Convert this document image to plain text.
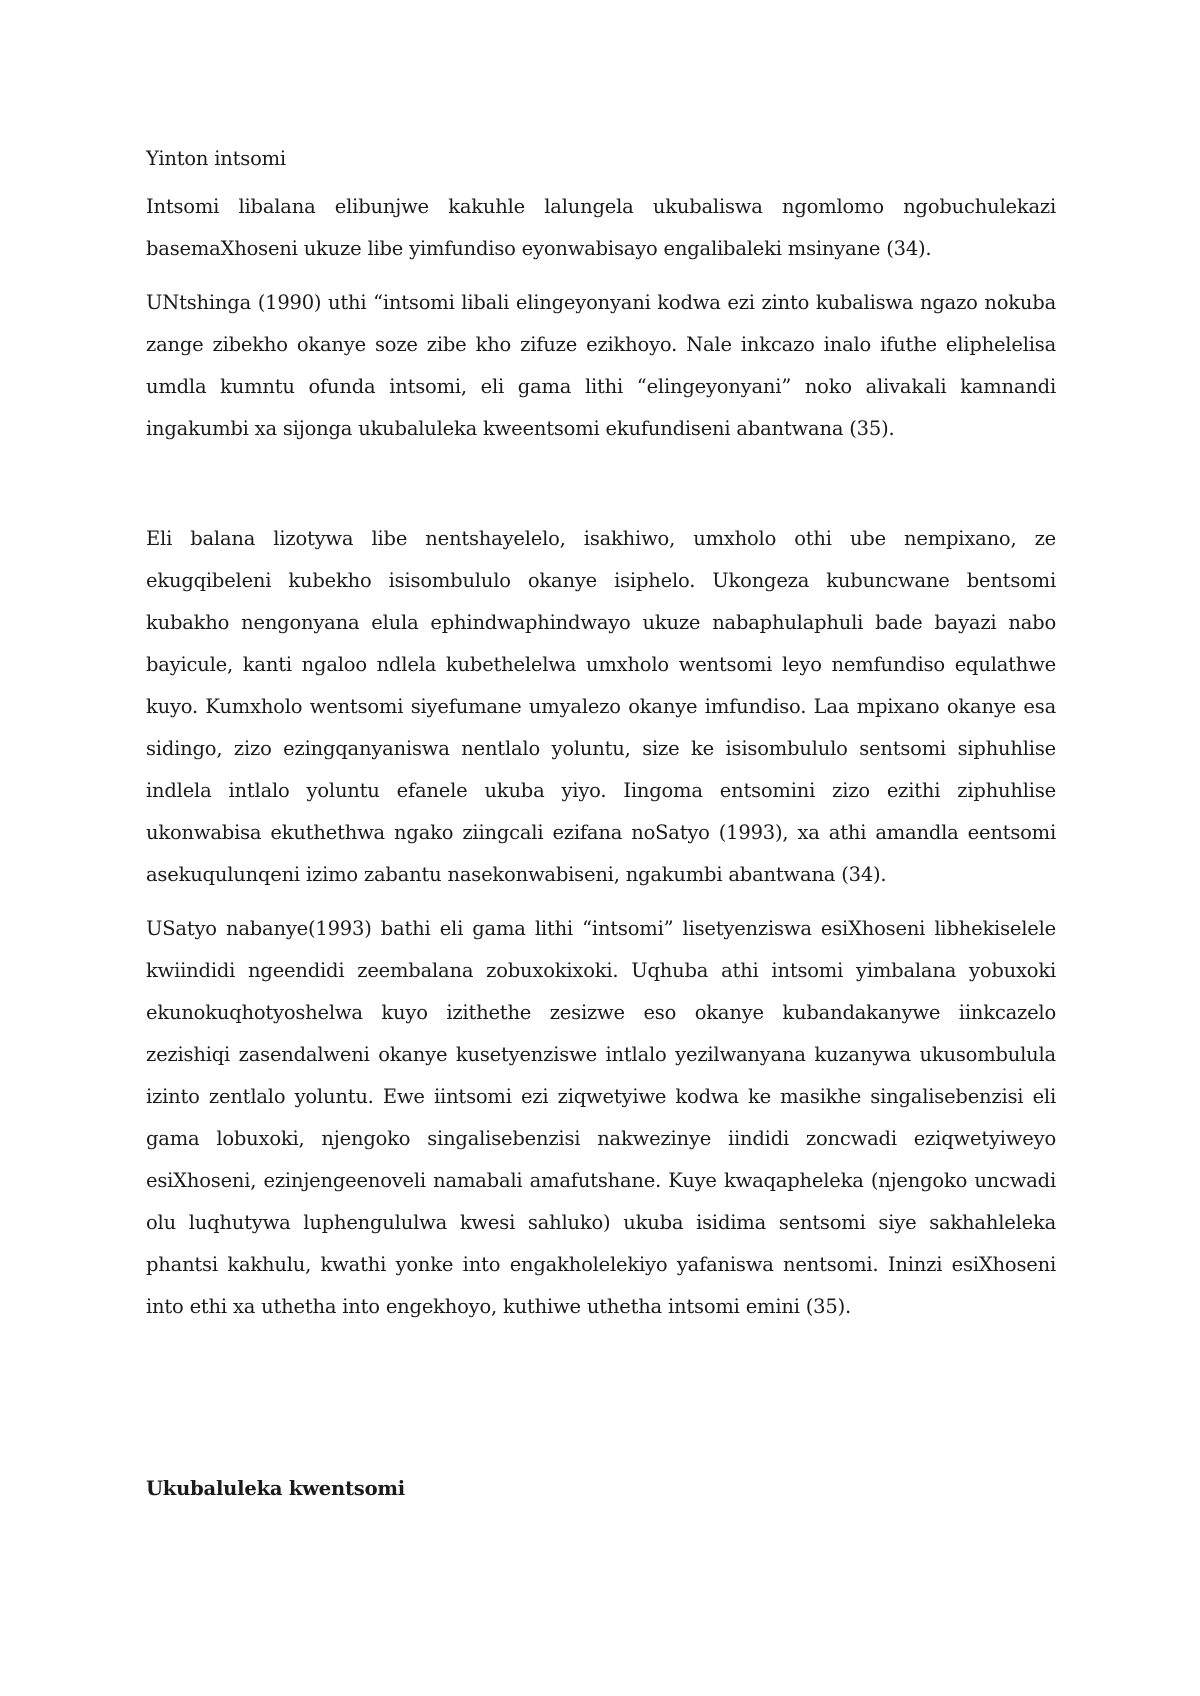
Yinton intsomi

Intsomi libalana elibunjwe kakuhle lalungela ukubaliswa ngomlomo ngobuchulekazi basemaXhoseni ukuze libe yimfundiso eyonwabisayo engalibaleki msinyane (34).

UNtshinga (1990) uthi “intsomi libali elingeyonyani kodwa ezi zinto kubaliswa ngazo nokuba zange zibekho okanye soze zibe kho zifuze ezikhoyo. Nale inkcazo inalo ifuthe eliphelelisa umdla kumntu ofunda intsomi, eli gama lithi “elingeyonyani” noko alivakali kamnandi ingakumbi xa sijonga ukubaluleka kweentsomi ekufundiseni abantwana (35).

Eli balana lizotywa libe nentshayelelo, isakhiwo, umxholo othi ube nempixano, ze ekugqibeleni kubekho isisombululo okanye isiphelo. Ukongeza kubuncwane bentsomi kubakho nengonyana elula ephindwaphindwayo ukuze nabaphulaphuli bade bayazi nabo bayicule, kanti ngaloo ndlela kubethelelwa umxholo wentsomi leyo nemfundiso equlathwe kuyo. Kumxholo wentsomi siyefumane umyalezo okanye imfundiso. Laa mpixano okanye esa sidingo, zizo ezingqanyaniswa nentlalo yoluntu, size ke isisombululo sentsomi siphuhlise indlela intlalo yoluntu efanele ukuba yiyo. Iingoma entsomini zizo ezithi ziphuhlise ukonwabisa ekuthethwa ngako ziingcali ezifana noSatyo (1993), xa athi amandla eentsomi asekuqulunqeni izimo zabantu nasekonwabiseni, ngakumbi abantwana (34).

USatyo nabanye(1993) bathi eli gama lithi “intsomi” lisetyenziswa esiXhoseni libhekiselele kwiindidi ngeendidi zeembalana zobuxokixoki. Uqhuba athi intsomi yimbalana yobuxoki ekunokuqhotyoshelwa kuyo izithethe zesizwe eso okanye kubandakanywe iinkcazelo zezishiqi zasendalweni okanye kusetyenziswe intlalo yezilwanyana kuzanywa ukusombulula izinto zentlalo yoluntu. Ewe iintsomi ezi ziqwetyiwe kodwa ke masikhe singalisebenzisi eli gama lobuxoki, njengoko singalisebenzisi nakwezinye iindidi zoncwadi eziqwetyiweyo esiXhoseni, ezinjengeenoveli namabali amafutshane. Kuye kwaqapheleka (njengoko uncwadi olu luqhutywa luphengululwa kwesi sahluko) ukuba isidima sentsomi siye sakhahleleka phantsi kakhulu, kwathi yonke into engakholelekiyo yafaniswa nentsomi. Ininzi esiXhoseni into ethi xa uthetha into engekhoyo, kuthiwe uthetha intsomi emini (35).

Ukubaluleka kwentsomi
